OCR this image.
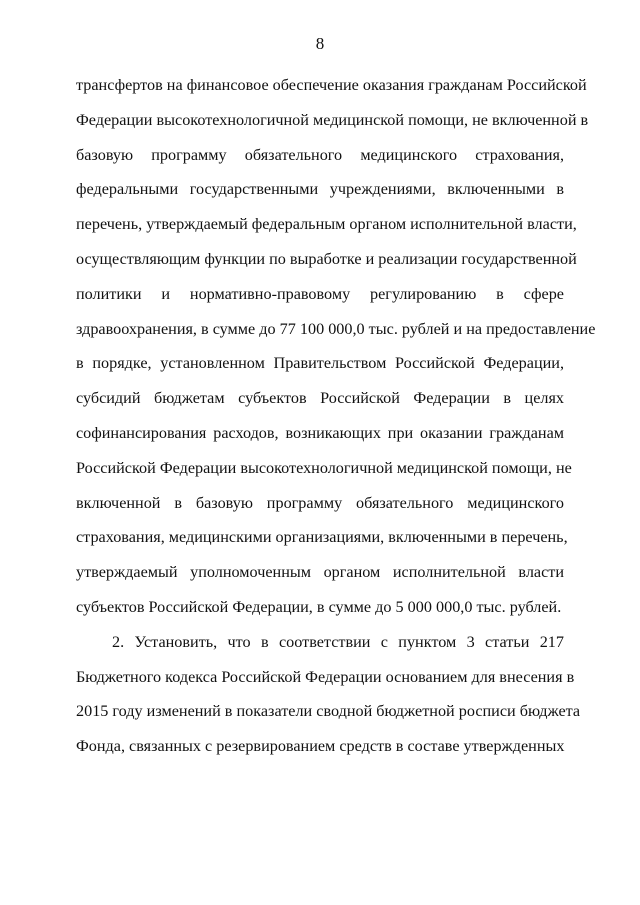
8

трансфертов на финансовое обеспечение оказания гражданам Российской
Федерации высокотехнологичной медицинской помощи, не включенной в
базовую программу обязательного медицинского страхования,
федеральными государственными учреждениями, включенными в
перечень, утверждаемый федеральным органом исполнительной власти,
осуществляющим функции по выработке и реализации государственной
политики и нормативно-правовому регулированию в сфере
здравоохранения, в сумме до 77 100 000,0 тыс. рублей и на предоставление
в порядке, установленном Правительством Российской Федерации,
субсидий бюджетам субъектов Российской Федерации в целях
софинансирования расходов, возникающих при оказании гражданам
Российской Федерации высокотехнологичной медицинской помощи, не
включенной в базовую программу обязательного медицинского
страхования, медицинскими организациями, включенными в перечень,
утверждаемый уполномоченным органом исполнительной власти
субъектов Российской Федерации, в сумме до 5 000 000,0 тыс. рублей.

2. Установить, что в соответствии с пунктом 3 статьи 217
Бюджетного кодекса Российской Федерации основанием для внесения в
2015 году изменений в показатели сводной бюджетной росписи бюджета
Фонда, связанных с резервированием средств в составе утвержденных
